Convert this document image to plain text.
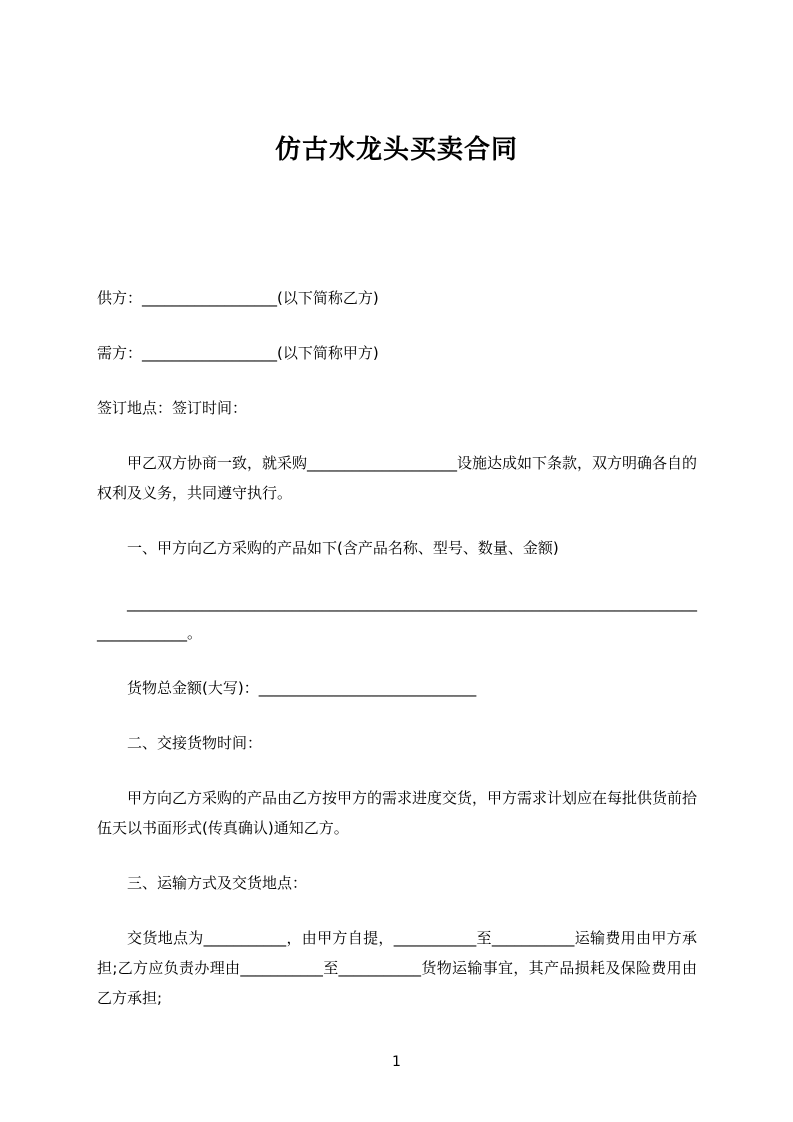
仿古水龙头买卖合同

供方：__________________(以下简称乙方)

需方：__________________(以下简称甲方)

签订地点：签订时间：

甲乙双方协商一致，就采购____________________设施达成如下条款，双方明确各自的权利及义务，共同遵守执行。

一、甲方向乙方采购的产品如下(含产品名称、型号、数量、金额)

________________________________________________________________________________________。

货物总金额(大写)：_____________________________

二、交接货物时间：

甲方向乙方采购的产品由乙方按甲方的需求进度交货，甲方需求计划应在每批供货前拾伍天以书面形式(传真确认)通知乙方。

三、运输方式及交货地点：

交货地点为___________，由甲方自提，___________至___________运输费用由甲方承担;乙方应负责办理由___________至___________货物运输事宜，其产品损耗及保险费用由乙方承担;

1
